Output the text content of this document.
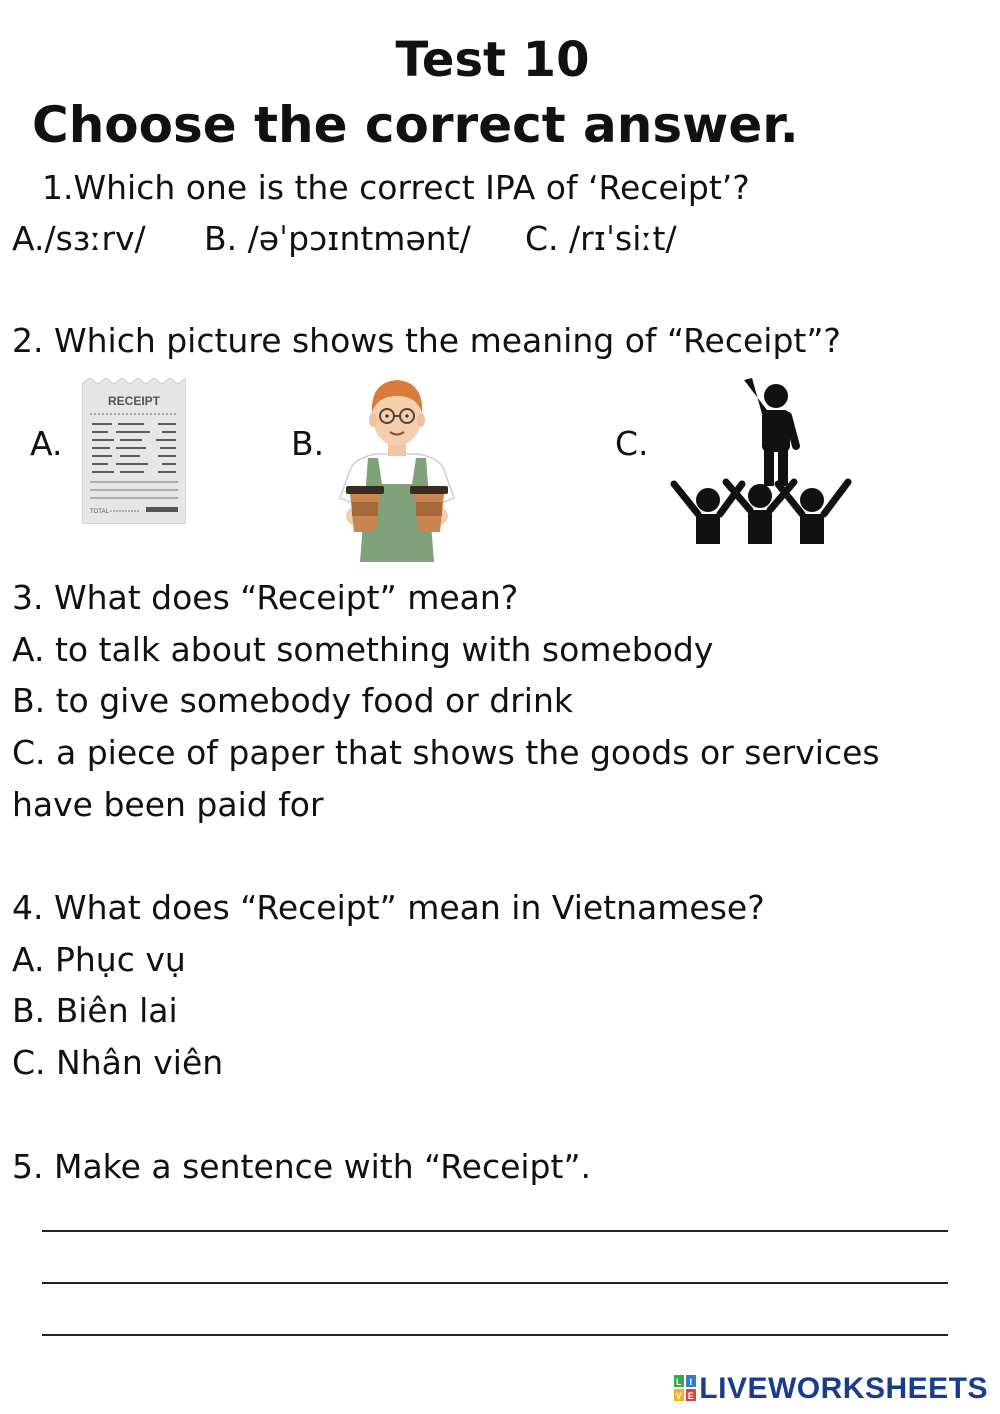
Test 10
Choose the correct answer.
1.Which one is the correct IPA of ‘Receipt’?
A./sɜːrv/ B. /əˈpɔɪntmənt/ C. /rɪˈsiːt/
2. Which picture shows the meaning of “Receipt”?
A.	B.	C.
RECEIPT
TOTAL
3. What does “Receipt” mean?
A. to talk about something with somebody
B. to give somebody food or drink
C. a piece of paper that shows the goods or services
have been paid for
4. What does “Receipt” mean in Vietnamese?
A. Phục vụ
B. Biên lai
C. Nhân viên
5. Make a sentence with “Receipt”.
L I
V E LIVEWORKSHEETS
